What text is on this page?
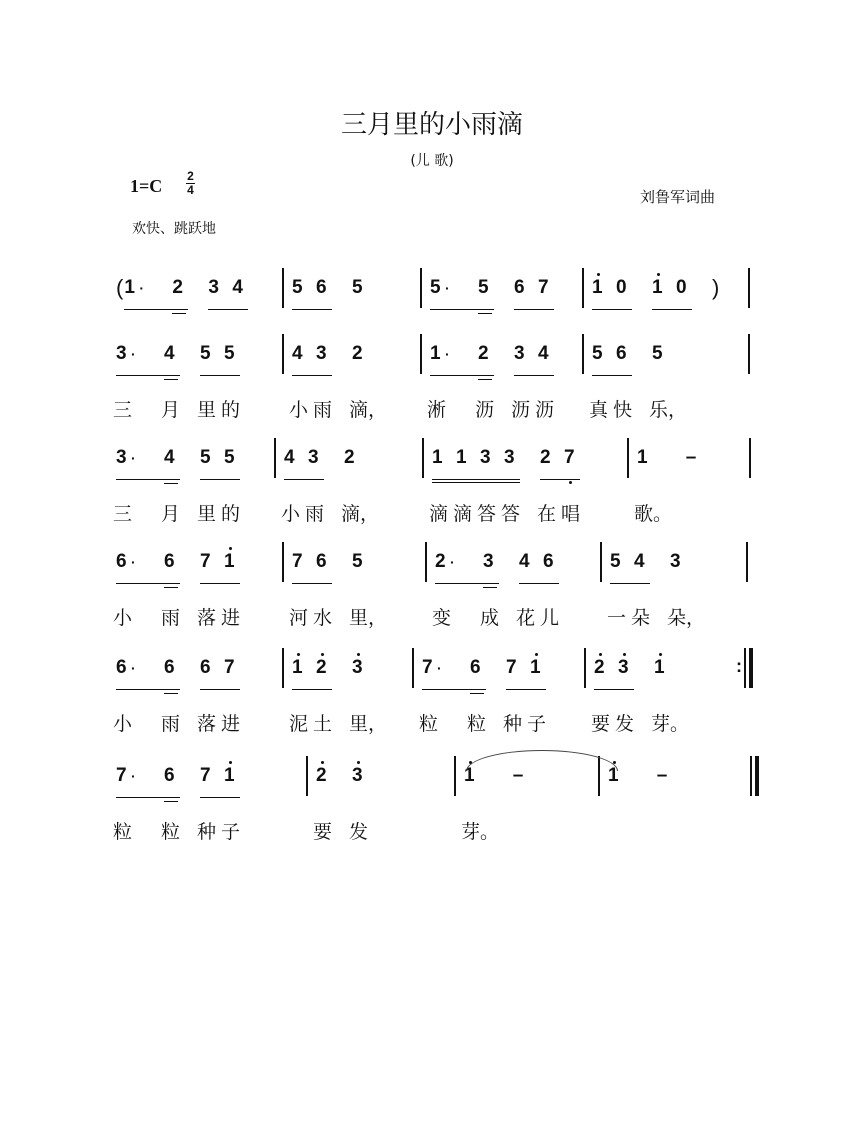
三月里的小雨滴
(儿 歌)
1=C 2
4	刘鲁军词曲
欢快、跳跃地
( 1 · 2	3 4	5 6	5	5 · 5	6 7	1 0	1 0	)
3 ·
三
4
月
5
里
5
的
4
小
3
雨
2
滴，
1 ·
淅
2
沥
3
沥
4
沥
5
真
6
快
5
乐，
3 ·
三
4
月
5
里
5
的
4
小
3
雨
2
滴，
1
滴
1
滴
3
答
3
答
2
在
7
唱
1
歌。
–
6 ·
小
6
雨
7
落
1
进
7
河
6
水
5
里，
2 ·
变
3
成
4
花
6
儿
5
一
4
朵
3
朵，
6 ·
小
6
雨
6
落
7
进
1
泥
2
土
3
里，
7 ·
粒
6
粒
7
种
1
子
2
要
3
发
1
芽。
:
7 ·
粒
6
粒
7
种
1
子
2
要
3
发
1
芽。
–	1	–
